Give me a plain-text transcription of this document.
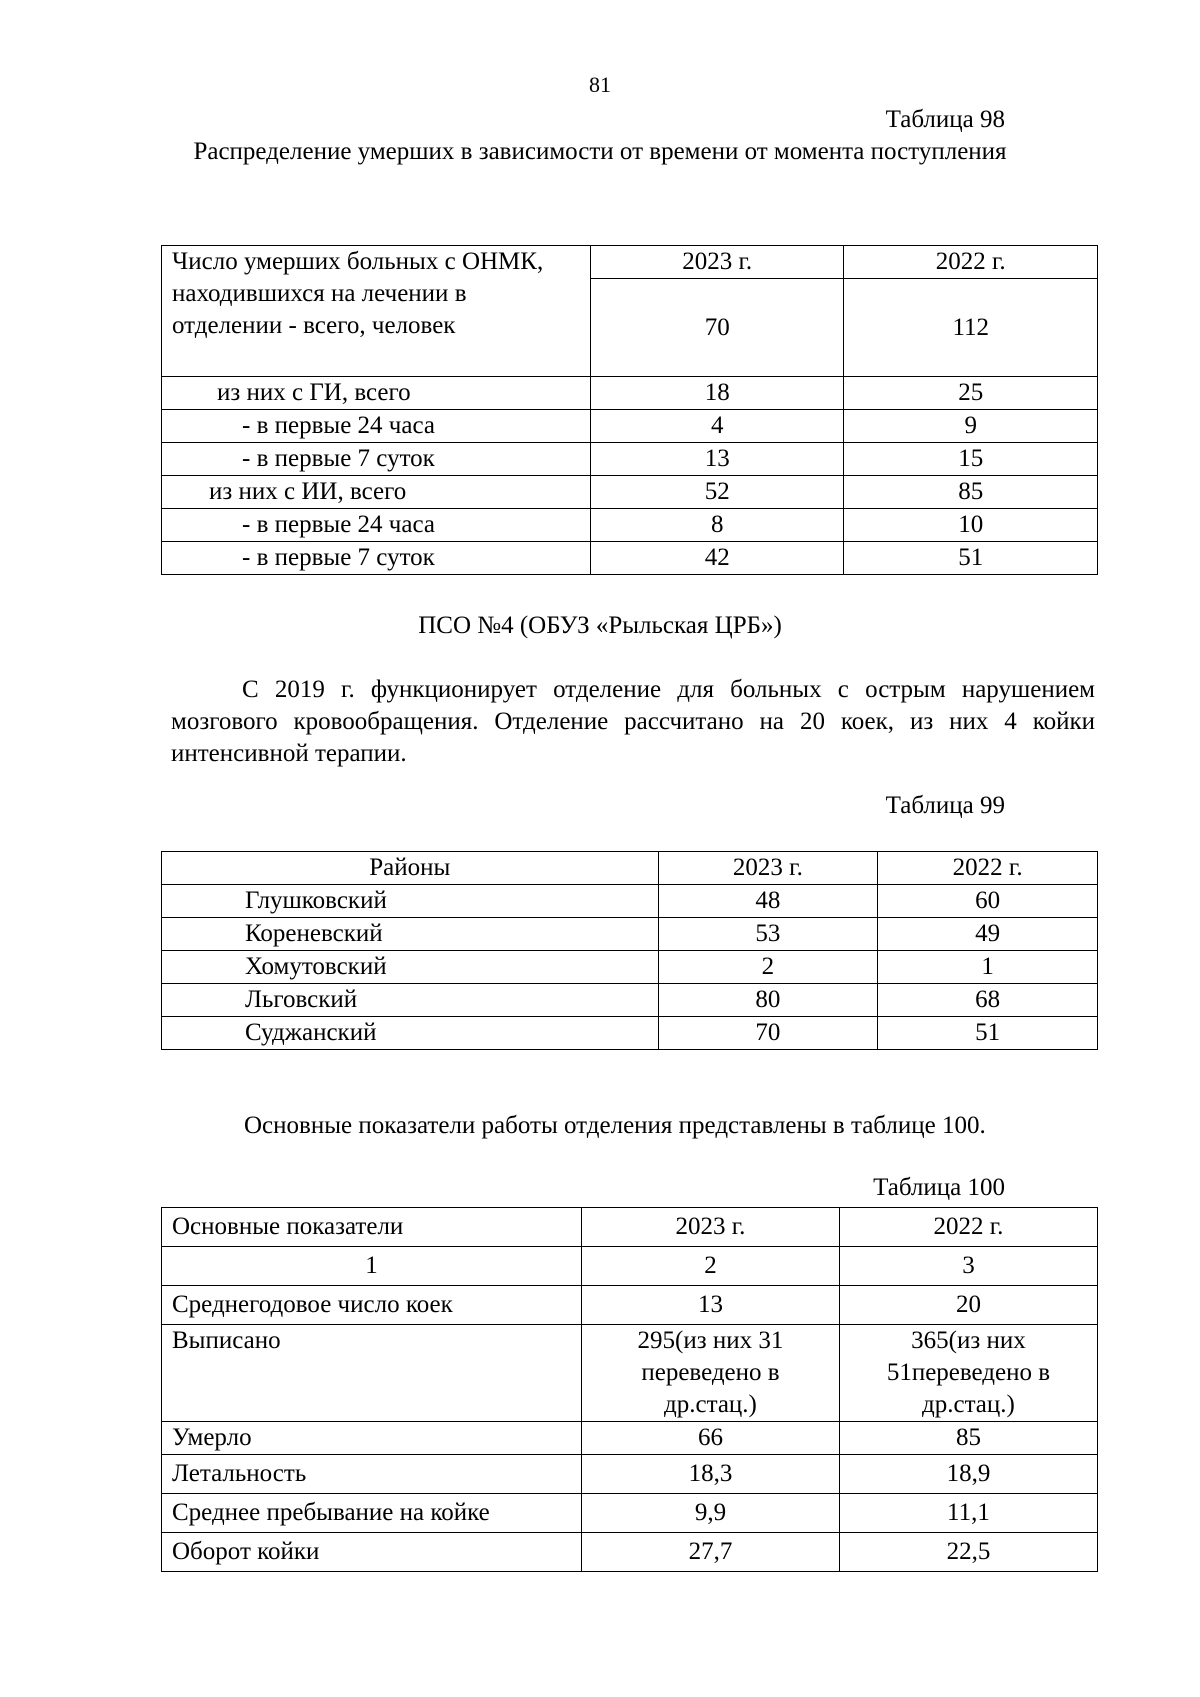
81
Таблица 98
Распределение умерших в зависимости от времени от момента поступления
Число умерших больных с ОНМК, находившихся на лечении в отделении - всего, человек	2023 г.	2022 г.
	70	112
из них с ГИ, всего	18	25
- в первые 24 часа	4	9
- в первые 7 суток	13	15
из них с ИИ, всего	52	85
- в первые 24 часа	8	10
- в первые 7 суток	42	51
ПСО №4 (ОБУЗ «Рыльская ЦРБ»)
С 2019 г. функционирует отделение для больных с острым нарушением мозгового кровообращения. Отделение рассчитано на 20 коек, из них 4 койки интенсивной терапии.
Таблица 99
Районы	2023 г.	2022 г.
Глушковский	48	60
Кореневский	53	49
Хомутовский	2	1
Льговский	80	68
Суджанский	70	51
Основные показатели работы отделения представлены в таблице 100.
Таблица 100
Основные показатели	2023 г.	2022 г.
1	2	3
Среднегодовое число коек	13	20
Выписано	295(из них 31 переведено в др.стац.)	365(из них 51переведено в др.стац.)
Умерло	66	85
Летальность	18,3	18,9
Среднее пребывание на койке	9,9	11,1
Оборот койки	27,7	22,5
